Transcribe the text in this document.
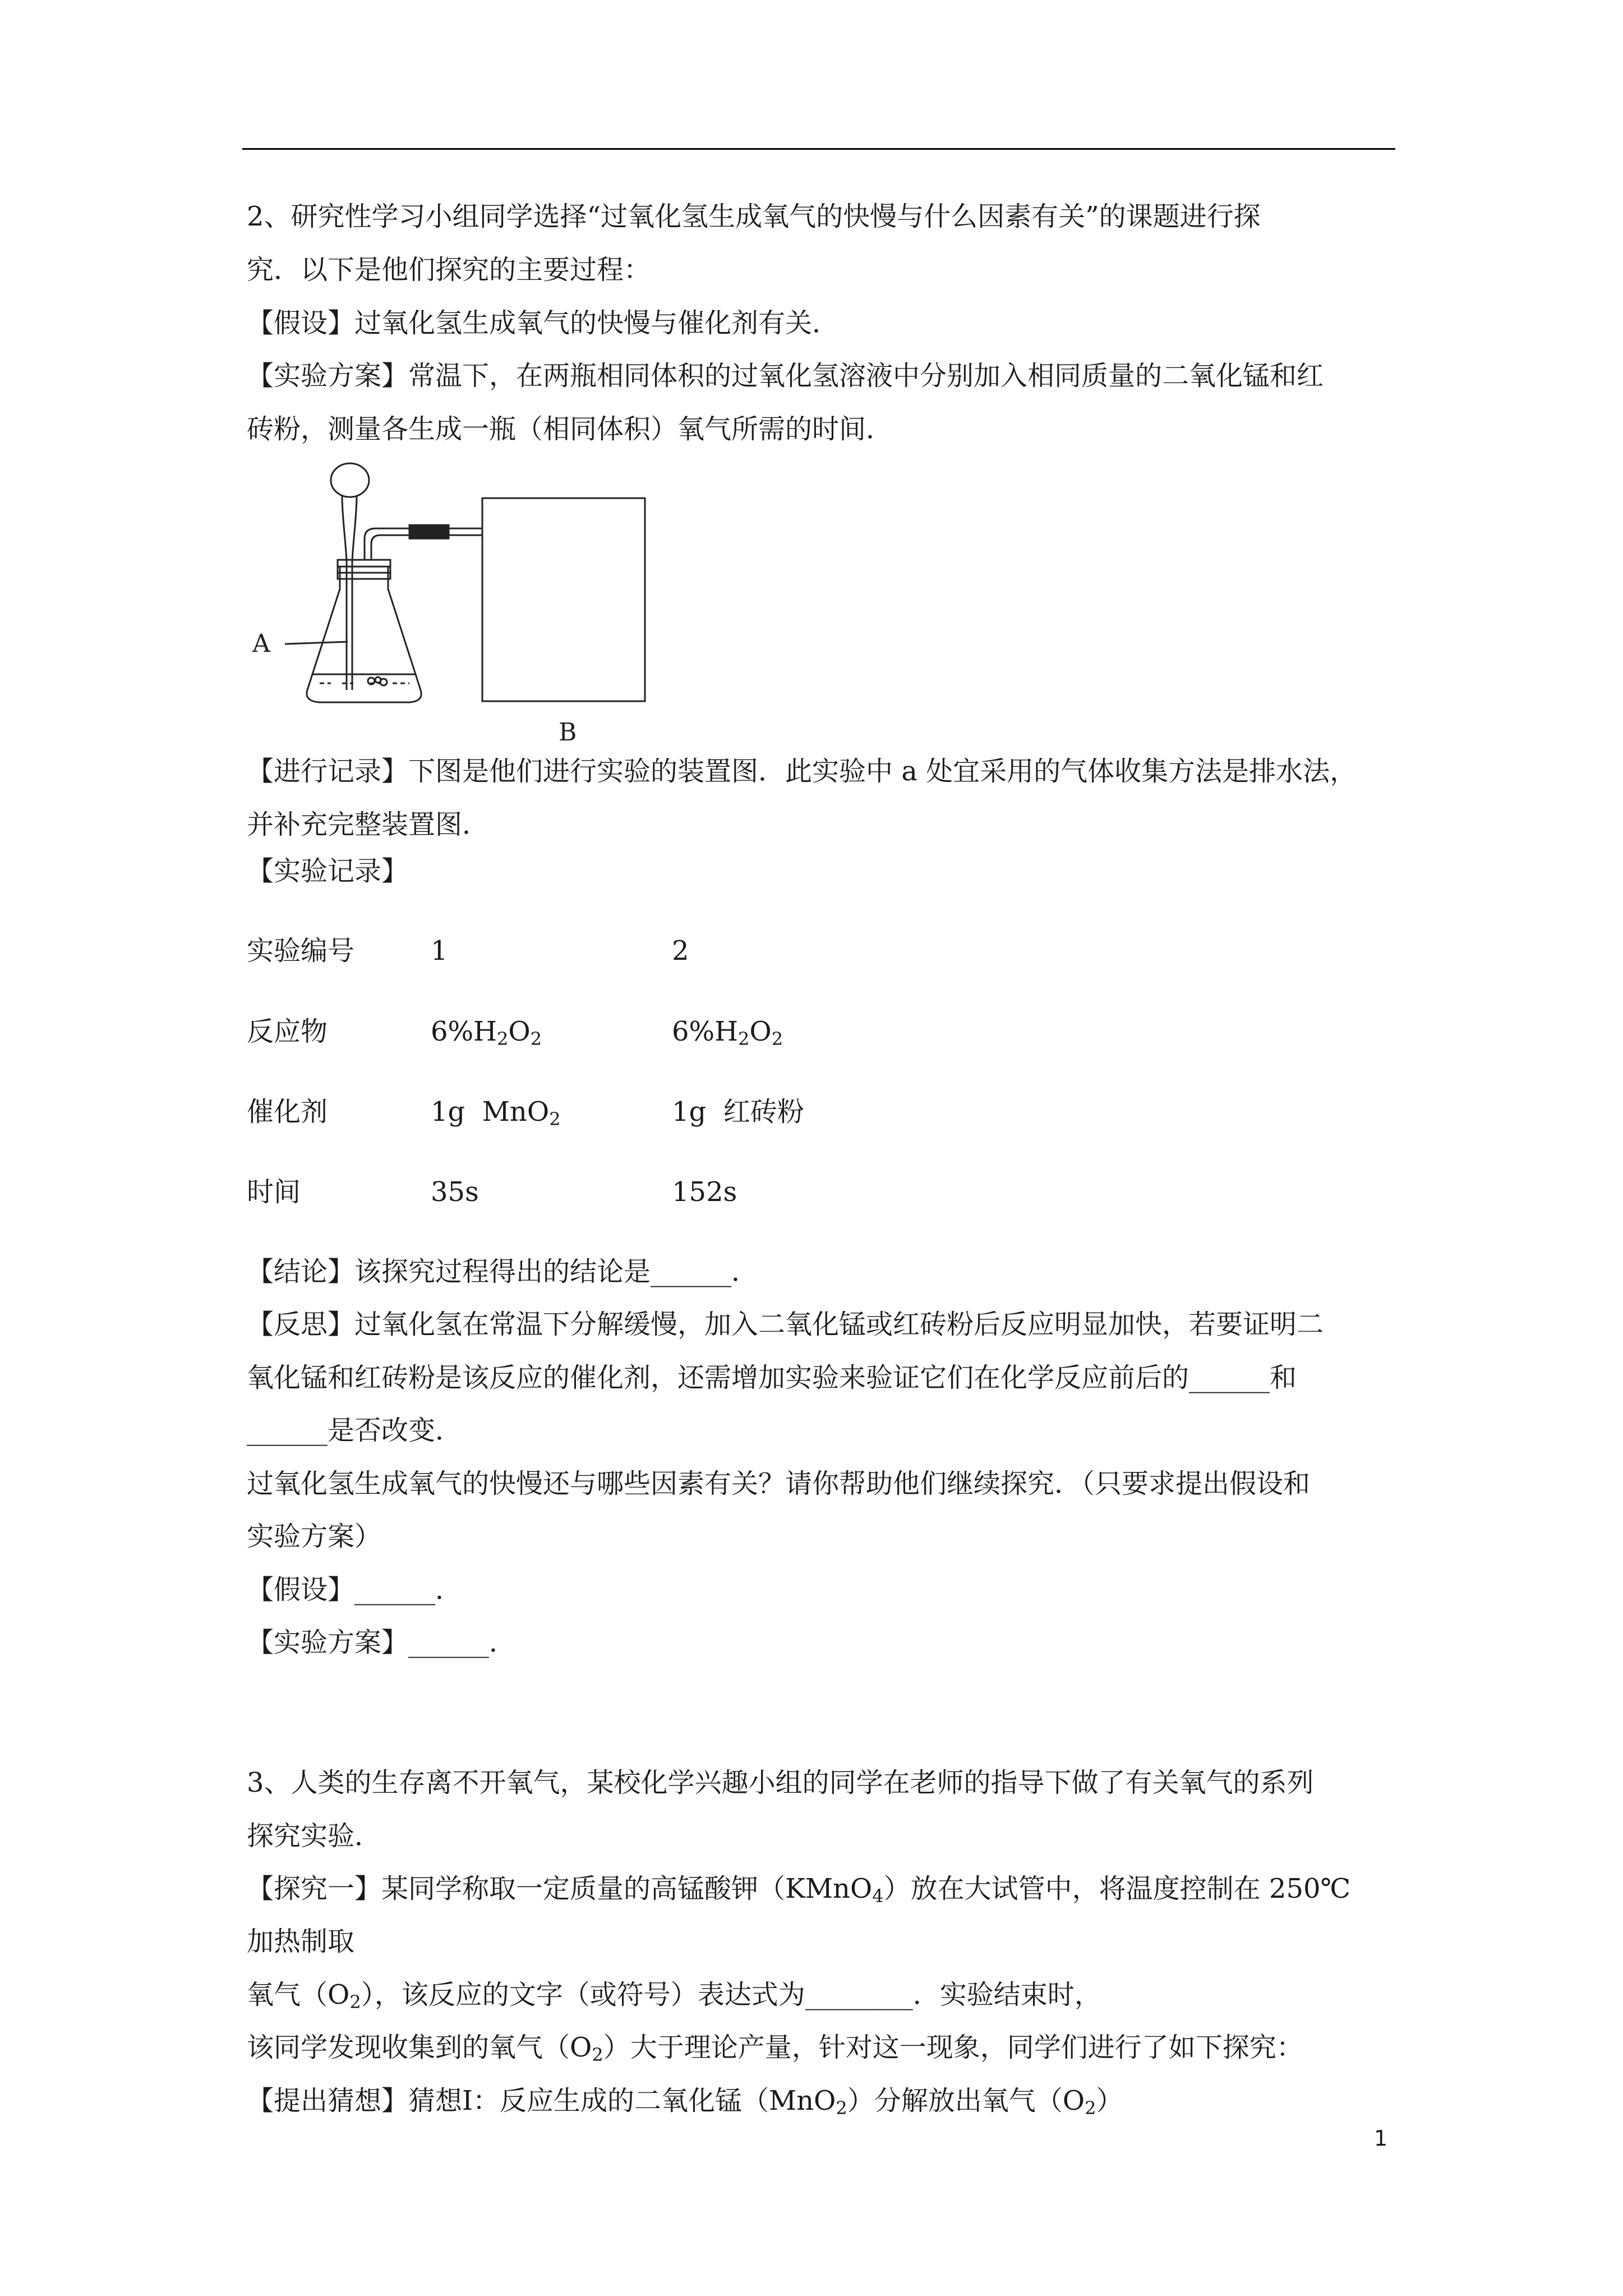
2、研究性学习小组同学选择“过氧化氢生成氧气的快慢与什么因素有关”的课题进行探
究．以下是他们探究的主要过程：
【假设】过氧化氢生成氧气的快慢与催化剂有关．
【实验方案】常温下，在两瓶相同体积的过氧化氢溶液中分别加入相同质量的二氧化锰和红
砖粉，测量各生成一瓶（相同体积）氧气所需的时间．
A
B
【进行记录】下图是他们进行实验的装置图．此实验中 a 处宜采用的气体收集方法是排水法，
并补充完整装置图．
【实验记录】
实验编号	1	2
反应物	$6\%H_2O_2$	$6\%H_2O_2$
催化剂	1g  MnO$_2$	1g  红砖粉
时间	35s	152s
【结论】该探究过程得出的结论是______．
【反思】过氧化氢在常温下分解缓慢，加入二氧化锰或红砖粉后反应明显加快，若要证明二
氧化锰和红砖粉是该反应的催化剂，还需增加实验来验证它们在化学反应前后的______和
______是否改变．
过氧化氢生成氧气的快慢还与哪些因素有关？请你帮助他们继续探究．（只要求提出假设和
实验方案）
【假设】______．
【实验方案】______．
3、人类的生存离不开氧气，某校化学兴趣小组的同学在老师的指导下做了有关氧气的系列
探究实验．
【探究一】某同学称取一定质量的高锰酸钾（KMnO$_4$）放在大试管中，将温度控制在 250℃
加热制取
氧气$(O_2)$，该反应的文字（或符号）表达式为________．实验结束时，
该同学发现收集到的氧气$(O_2)$大于理论产量，针对这一现象，同学们进行了如下探究：
【提出猜想】猜想Ⅰ：反应生成的二氧化锰（MnO$_2$）分解放出氧气$(O_2)$
1
